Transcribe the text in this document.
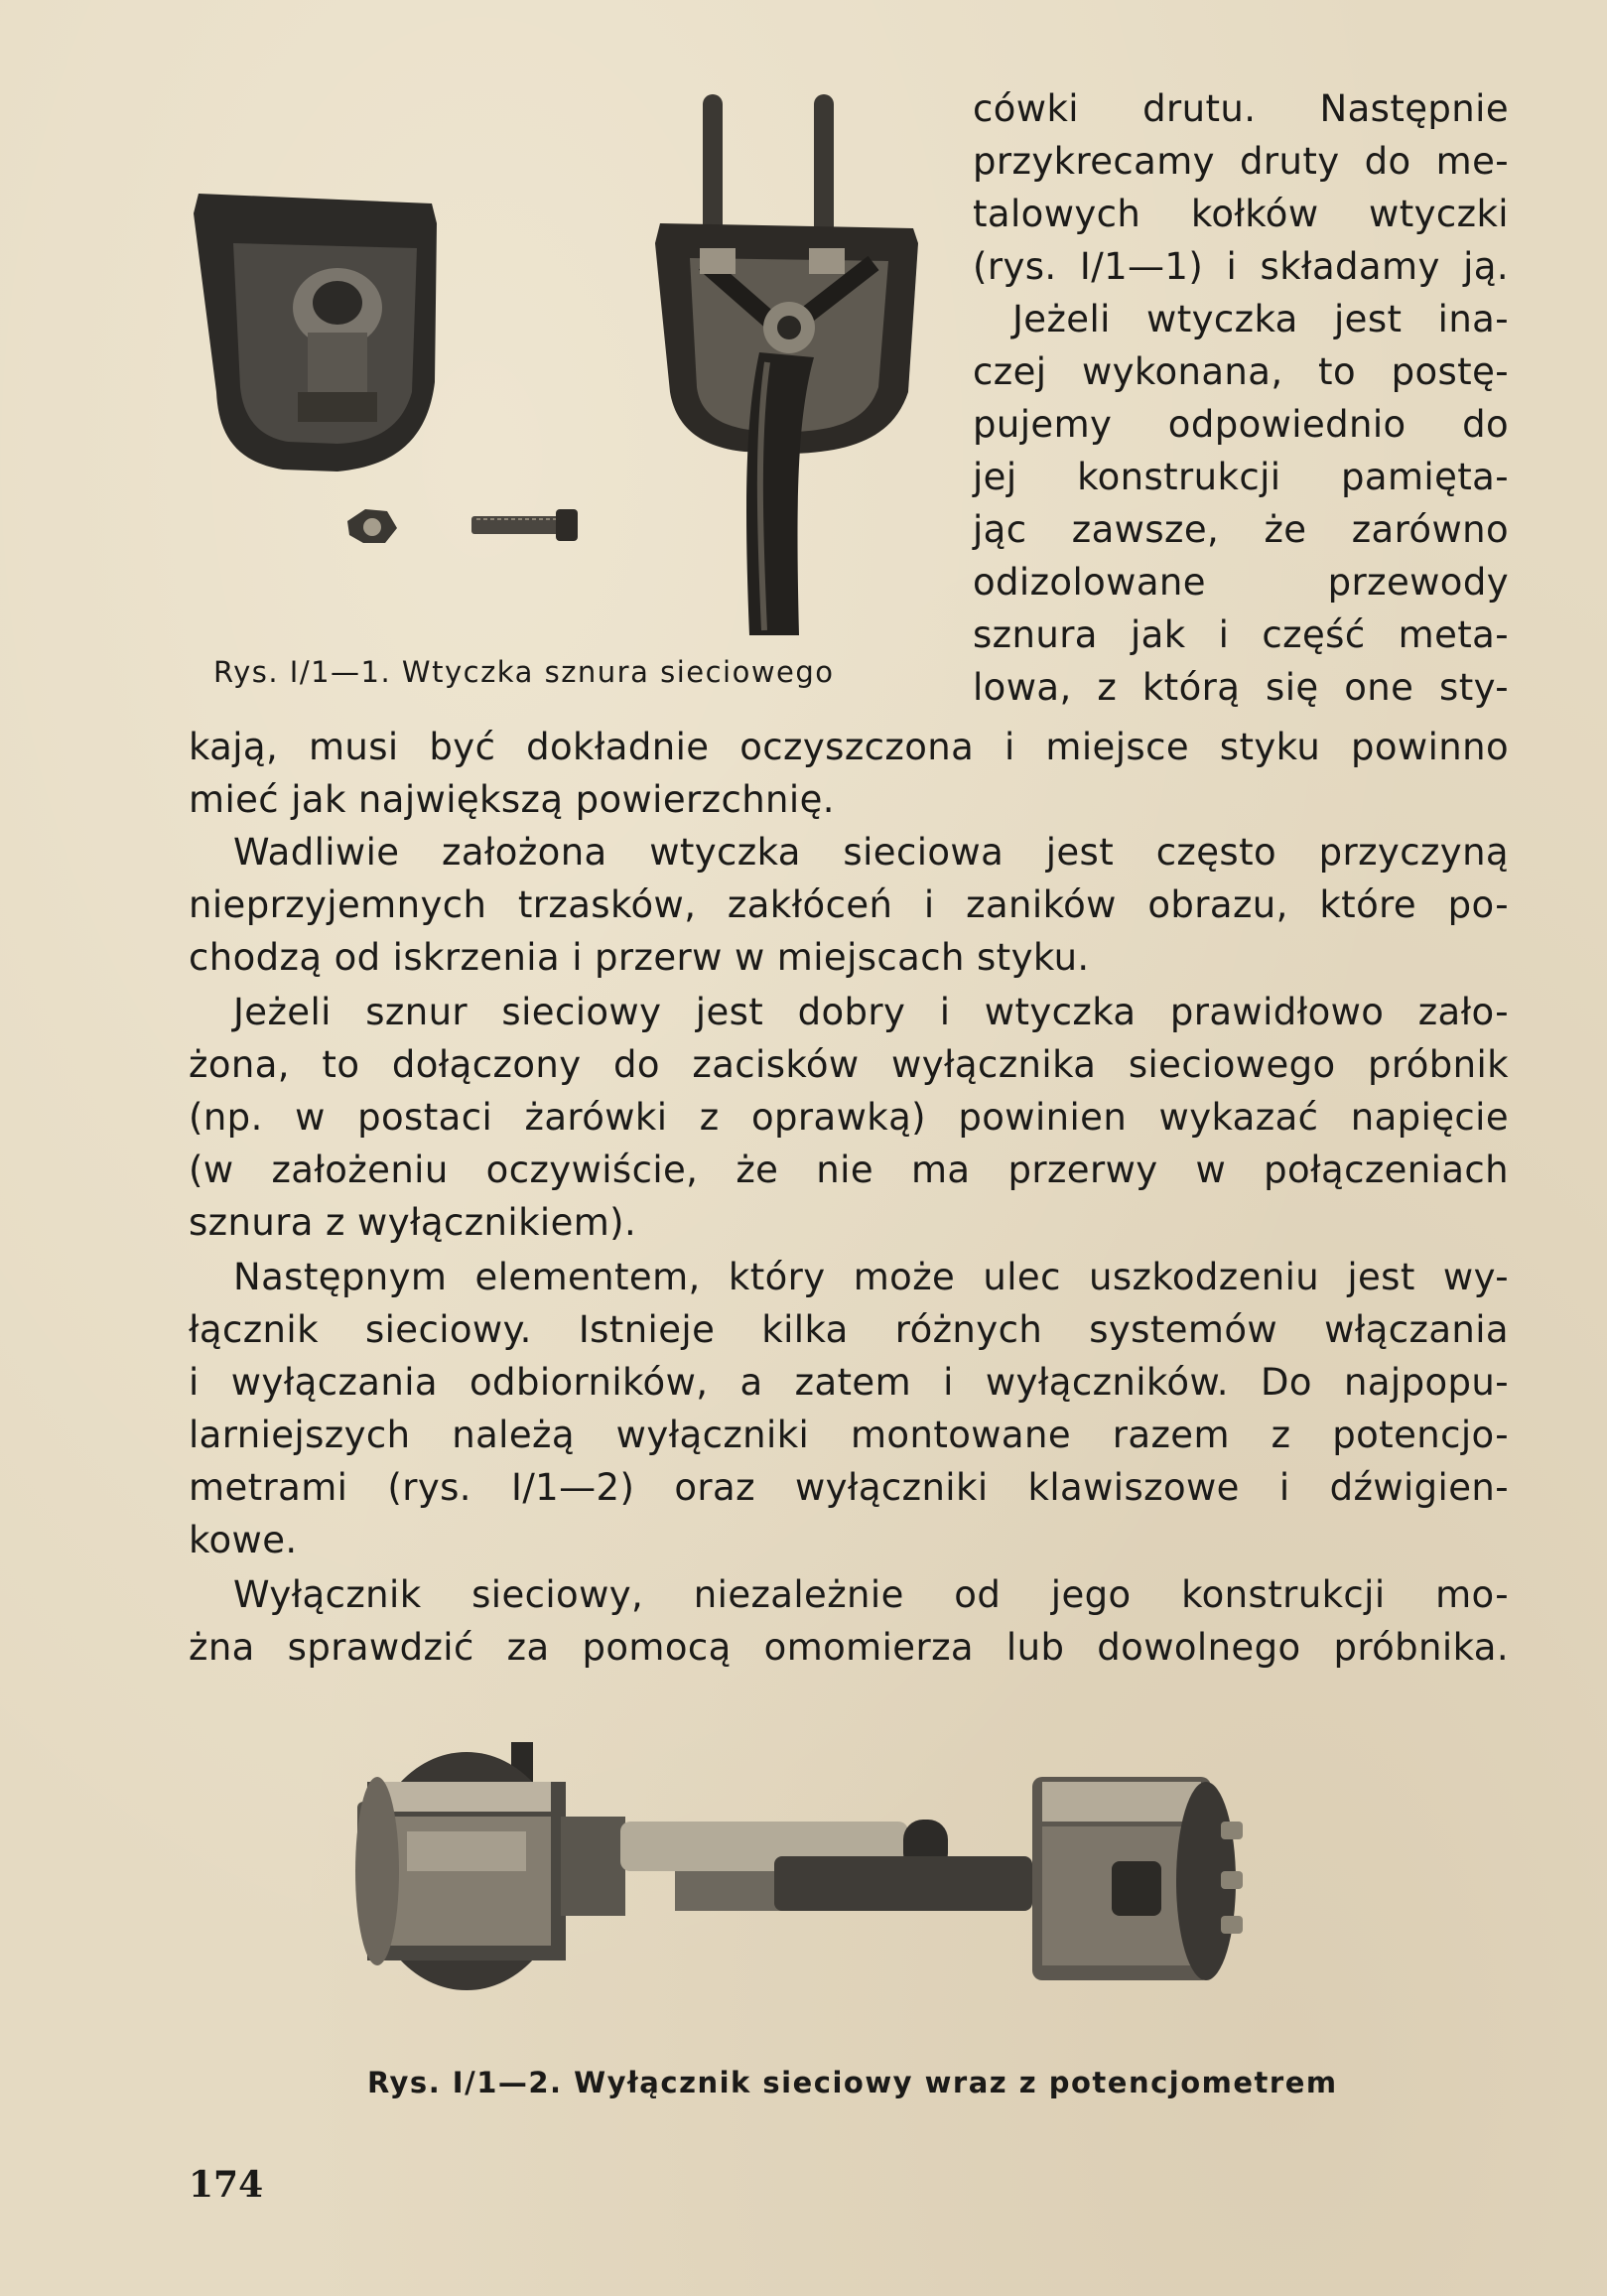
Rys. I/1—1. Wtyczka sznura sieciowego

cówki drutu. Następnie

przykrecamy druty do me-

talowych kołków wtyczki

(rys. I/1—1) i składamy ją.

Jeżeli wtyczka jest ina-

czej wykonana, to postę-

pujemy odpowiednio do

jej konstrukcji pamięta-

jąc zawsze, że zarówno

odizolowane przewody

sznura jak i część meta-

lowa, z którą się one sty-

kają, musi być dokładnie oczyszczona i miejsce styku powinno

mieć jak największą powierzchnię.

Wadliwie założona wtyczka sieciowa jest często przyczyną

nieprzyjemnych trzasków, zakłóceń i zaników obrazu, które po-

chodzą od iskrzenia i przerw w miejscach styku.

Jeżeli sznur sieciowy jest dobry i wtyczka prawidłowo zało-

żona, to dołączony do zacisków wyłącznika sieciowego próbnik

(np. w postaci żarówki z oprawką) powinien wykazać napięcie

(w założeniu oczywiście, że nie ma przerwy w połączeniach

sznura z wyłącznikiem).

Następnym elementem, który może ulec uszkodzeniu jest wy-

łącznik sieciowy. Istnieje kilka różnych systemów włączania

i wyłączania odbiorników, a zatem i wyłączników. Do najpopu-

larniejszych należą wyłączniki montowane razem z potencjo-

metrami (rys. I/1—2) oraz wyłączniki klawiszowe i dźwigien-

kowe.

Wyłącznik sieciowy, niezależnie od jego konstrukcji mo-

żna sprawdzić za pomocą omomierza lub dowolnego próbnika.

Rys. I/1—2. Wyłącznik sieciowy wraz z potencjometrem

174
